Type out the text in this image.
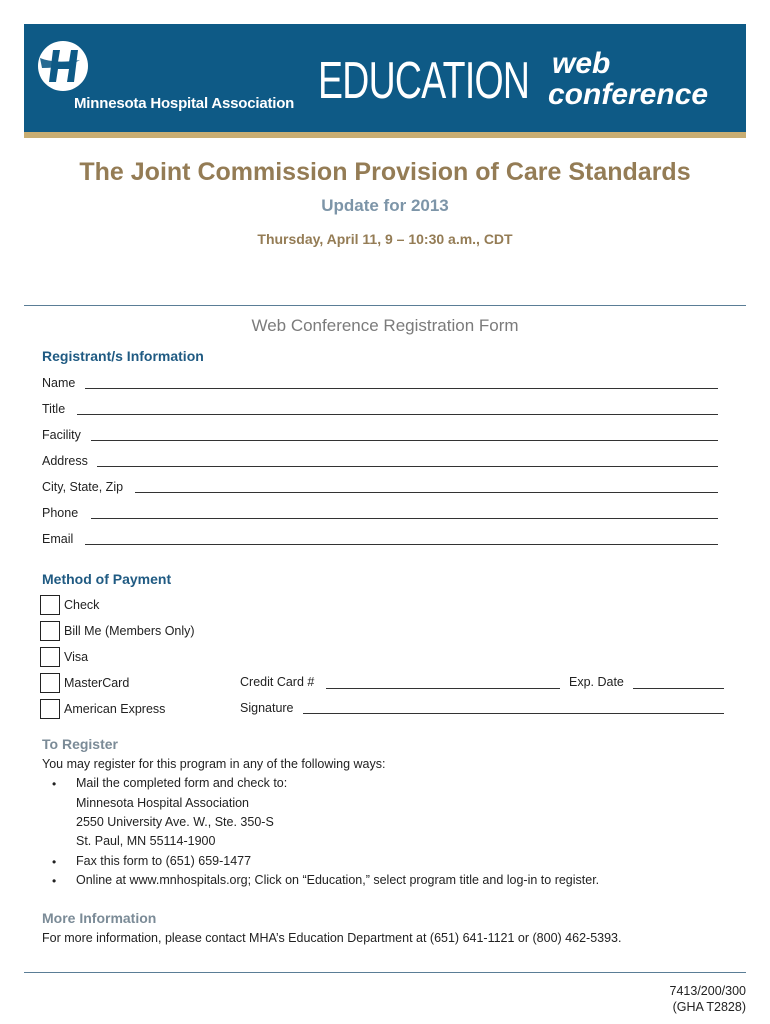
Minnesota Hospital Association EDUCATION web
conference
The Joint Commission Provision of Care Standards
Update for 2013
Thursday, April 11, 9 – 10:30 a.m., CDT
Web Conference Registration Form
Registrant/s Information
Name
Title
Facility
Address
City, State, Zip
Phone
Email
Method of Payment
Check
Bill Me (Members Only)
Visa
MasterCard
American Express
Credit Card #	Exp. Date
Signature
To Register
You may register for this program in any of the following ways:
• Mail the completed form and check to:
Minnesota Hospital Association
2550 University Ave. W., Ste. 350-S
St. Paul, MN 55114-1900
• Fax this form to (651) 659-1477
• Online at www.mnhospitals.org; Click on “Education,” select program title and log-in to register.
More Information
For more information, please contact MHA’s Education Department at (651) 641-1121 or (800) 462-5393.
7413/200/300
(GHA T2828)
